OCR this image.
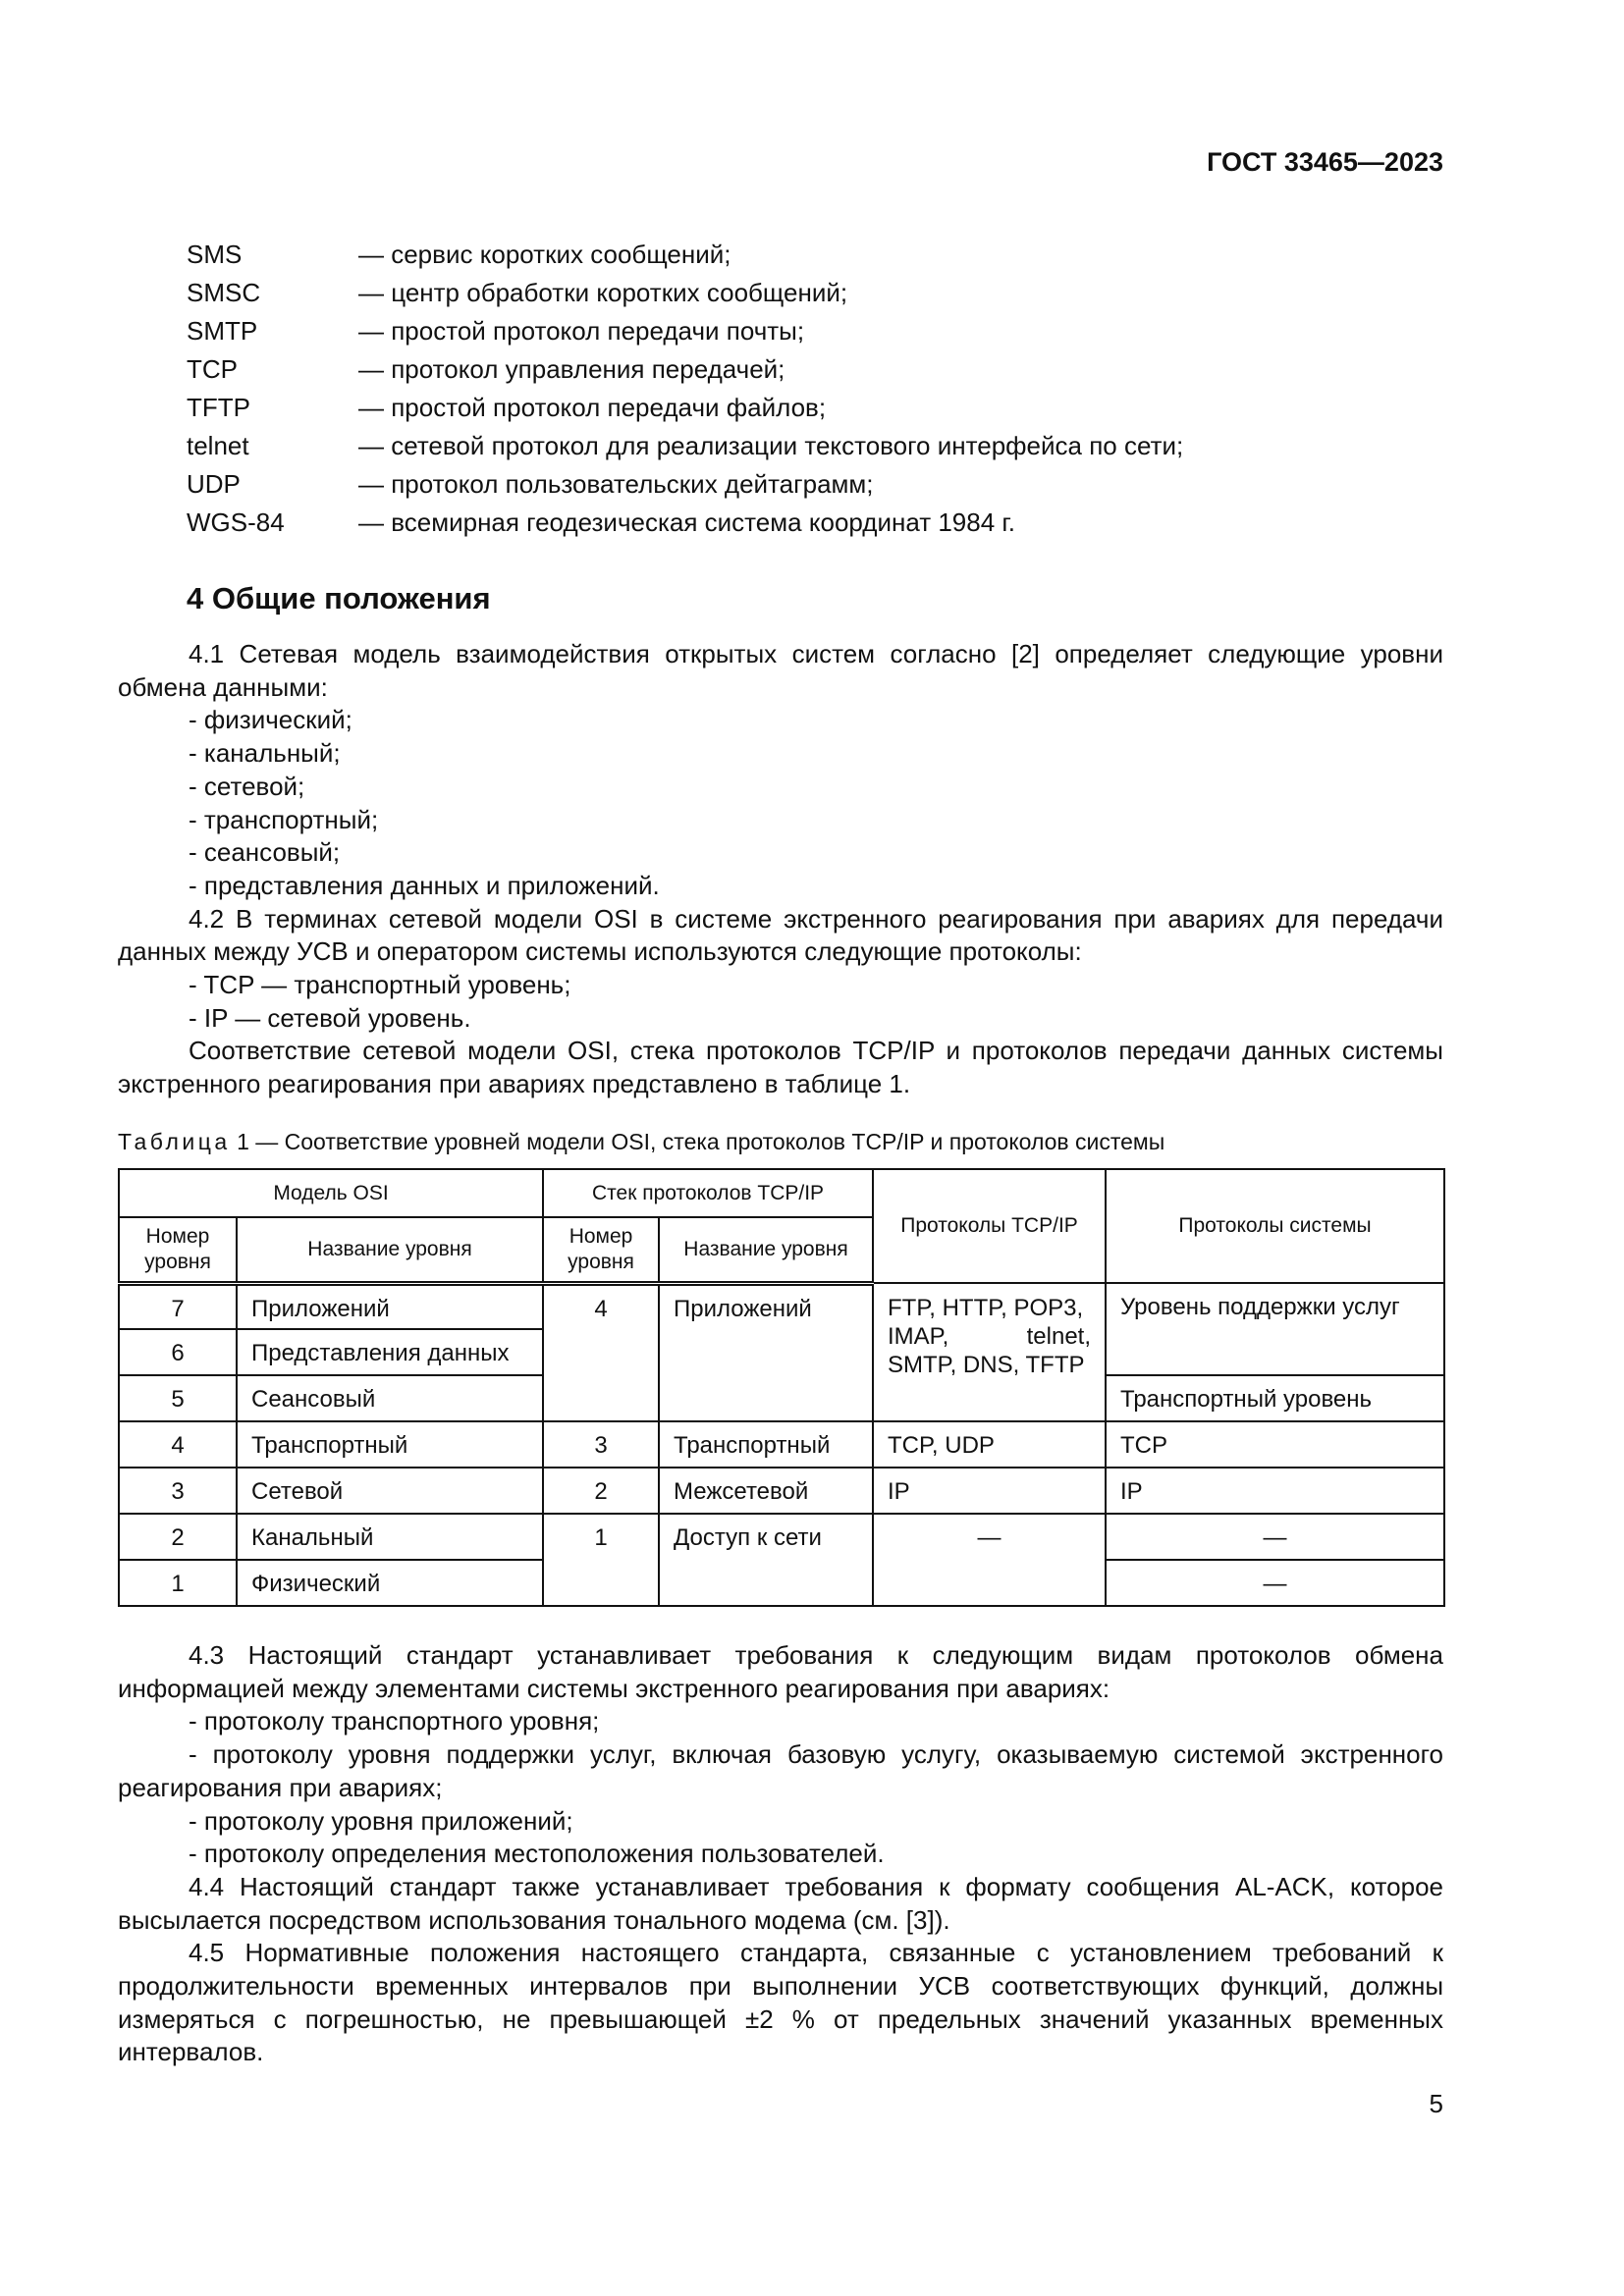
ГОСТ 33465—2023
SMS	— сервис коротких сообщений;
SMSC	— центр обработки коротких сообщений;
SMTP	— простой протокол передачи почты;
TCP	— протокол управления передачей;
TFTP	— простой протокол передачи файлов;
telnet	— сетевой протокол для реализации текстового интерфейса по сети;
UDP	— протокол пользовательских дейтаграмм;
WGS-84	— всемирная геодезическая система координат 1984 г.
4 Общие положения

4.1 Сетевая модель взаимодействия открытых систем согласно [2] определяет следующие уровни обмена данными:

- физический;

- канальный;

- сетевой;

- транспортный;

- сеансовый;

- представления данных и приложений.

4.2 В терминах сетевой модели OSI в системе экстренного реагирования при авариях для передачи данных между УСВ и оператором системы используются следующие протоколы:

- TCP — транспортный уровень;

- IP — сетевой уровень.

Соответствие сетевой модели OSI, стека протоколов TCP/IP и протоколов передачи данных системы экстренного реагирования при авариях представлено в таблице 1.

Таблица 1 — Соответствие уровней модели OSI, стека протоколов TCP/IP и протоколов системы
Модель OSI		Стек протоколов TCP/IP		Протоколы TCP/IP	Протоколы системы
Номер уровня	Название уровня	Номер уровня	Название уровня		
7	Приложений	4	Приложений	FTP, HTTP, POP3,
IMAP, telnet,
SMTP, DNS, TFTP	Уровень поддержки услуг
6	Представления данных				
5	Сеансовый				Транспортный уровень
4	Транспортный	3	Транспортный	TCP, UDP	TCP
3	Сетевой	2	Межсетевой	IP	IP
2	Канальный	1	Доступ к сети	—	—
1	Физический				—

4.3 Настоящий стандарт устанавливает требования к следующим видам протоколов обмена информацией между элементами системы экстренного реагирования при авариях:

- протоколу транспортного уровня;

- протоколу уровня поддержки услуг, включая базовую услугу, оказываемую системой экстренного реагирования при авариях;

- протоколу уровня приложений;

- протоколу определения местоположения пользователей.

4.4 Настоящий стандарт также устанавливает требования к формату сообщения AL-ACK, которое высылается посредством использования тонального модема (см. [3]).

4.5 Нормативные положения настоящего стандарта, связанные с установлением требований к продолжительности временных интервалов при выполнении УСВ соответствующих функций, должны измеряться с погрешностью, не превышающей ±2 % от предельных значений указанных временных интервалов.

5
